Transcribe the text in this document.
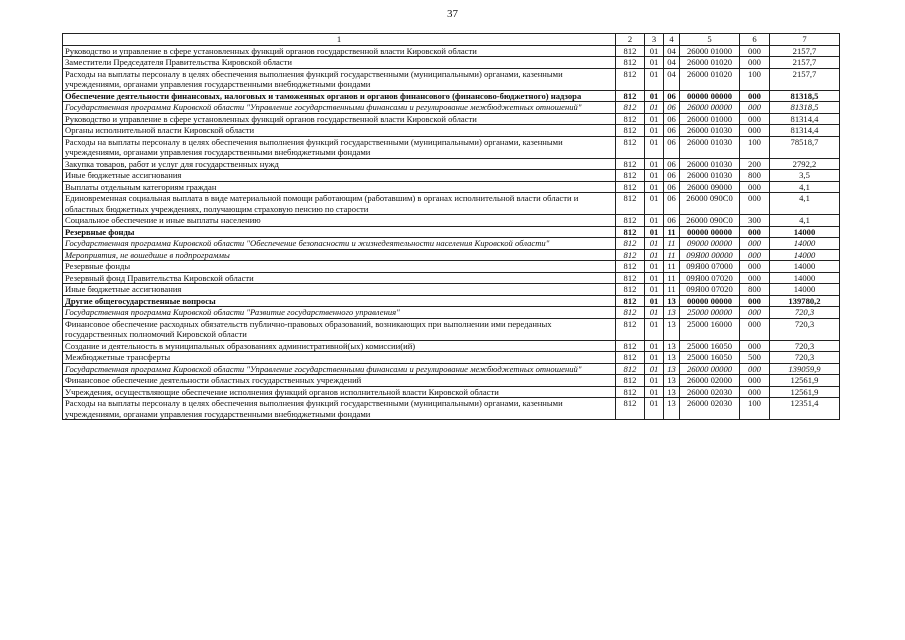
37
1	2	3	4	5	6	7
Руководство и управление в сфере установленных функций органов государственной власти Кировской области	812	01	04	26000 01000	000	2157,7
Заместители Председателя Правительства Кировской области	812	01	04	26000 01020	000	2157,7
Расходы на выплаты персоналу в целях обеспечения выполнения функций государственными (муниципальными) органами, казенными учреждениями, органами управления государственными внебюджетными фондами	812	01	04	26000 01020	100	2157,7
Обеспечение деятельности финансовых, налоговых и таможенных органов и органов финансового (финансово-бюджетного) надзора	812	01	06	00000 00000	000	81318,5
Государственная программа Кировской области "Управление государственными финансами и регулирование межбюджетных отношений"	812	01	06	26000 00000	000	81318,5
Руководство и управление в сфере установленных функций органов государственной власти Кировской области	812	01	06	26000 01000	000	81314,4
Органы исполнительной власти Кировской области	812	01	06	26000 01030	000	81314,4
Расходы на выплаты персоналу в целях обеспечения выполнения функций государственными (муниципальными) органами, казенными учреждениями, органами управления государственными внебюджетными фондами	812	01	06	26000 01030	100	78518,7
Закупка товаров, работ и услуг для государственных нужд	812	01	06	26000 01030	200	2792,2
Иные бюджетные ассигнования	812	01	06	26000 01030	800	3,5
Выплаты отдельным категориям граждан	812	01	06	26000 09000	000	4,1
Единовременная социальная выплата в виде материальной помощи работающим (работавшим) в органах исполнительной власти области и областных бюджетных учреждениях, получающим страховую пенсию по старости	812	01	06	26000 090С0	000	4,1
Социальное обеспечение и иные выплаты населению	812	01	06	26000 090С0	300	4,1
Резервные фонды	812	01	11	00000 00000	000	14000
Государственная программа Кировской области "Обеспечение безопасности и жизнедеятельности населения Кировской области"	812	01	11	09000 00000	000	14000
Мероприятия, не вошедшие в подпрограммы	812	01	11	09Я00 00000	000	14000
Резервные фонды	812	01	11	09Я00 07000	000	14000
Резервный фонд Правительства Кировской области	812	01	11	09Я00 07020	000	14000
Иные бюджетные ассигнования	812	01	11	09Я00 07020	800	14000
Другие общегосударственные вопросы	812	01	13	00000 00000	000	139780,2
Государственная программа Кировской области "Развитие государственного управления"	812	01	13	25000 00000	000	720,3
Финансовое обеспечение расходных обязательств публично-правовых образований, возникающих при выполнении ими переданных государственных полномочий Кировской области	812	01	13	25000 16000	000	720,3
Создание и деятельность в муниципальных образованиях административной(ых) комиссии(ий)	812	01	13	25000 16050	000	720,3
Межбюджетные трансферты	812	01	13	25000 16050	500	720,3
Государственная программа Кировской области "Управление государственными финансами и регулирование межбюджетных отношений"	812	01	13	26000 00000	000	139059,9
Финансовое обеспечение деятельности областных государственных учреждений	812	01	13	26000 02000	000	12561,9
Учреждения, осуществляющие обеспечение исполнения функций органов исполнительной власти Кировской области	812	01	13	26000 02030	000	12561,9
Расходы на выплаты персоналу в целях обеспечения выполнения функций государственными (муниципальными) органами, казенными учреждениями, органами управления государственными внебюджетными фондами	812	01	13	26000 02030	100	12351,4
